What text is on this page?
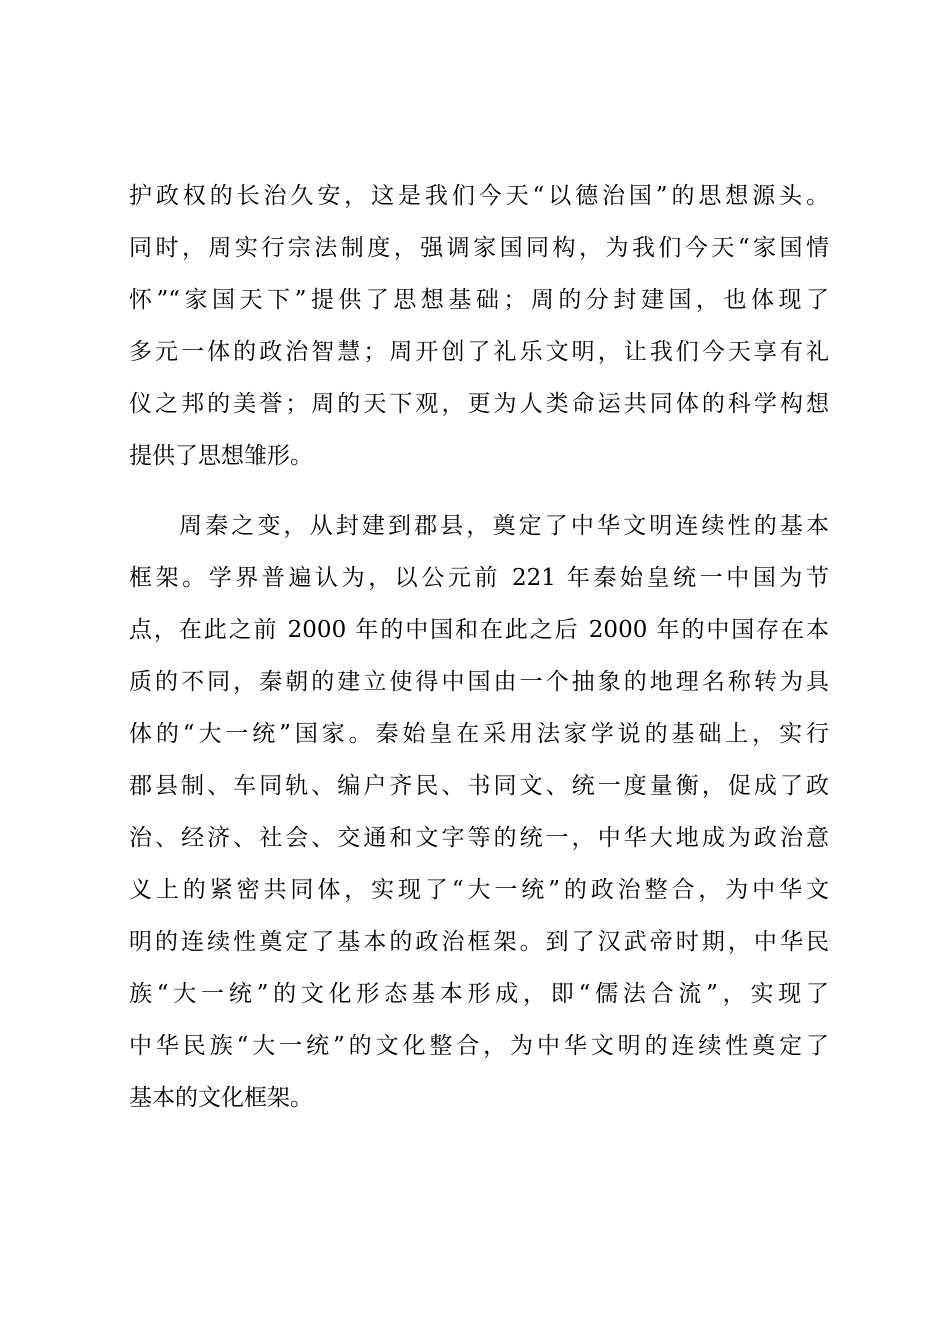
护政权的长治久安，这是我们今天“以德治国”的思想源头。
同时，周实行宗法制度，强调家国同构，为我们今天“家国情
怀”“家国天下”提供了思想基础；周的分封建国，也体现了
多元一体的政治智慧；周开创了礼乐文明，让我们今天享有礼
仪之邦的美誉；周的天下观，更为人类命运共同体的科学构想
提供了思想雏形。
周秦之变，从封建到郡县，奠定了中华文明连续性的基本
框架。学界普遍认为，以公元前 221 年秦始皇统一中国为节
点，在此之前 2000 年的中国和在此之后 2000 年的中国存在本
质的不同，秦朝的建立使得中国由一个抽象的地理名称转为具
体的“大一统”国家。秦始皇在采用法家学说的基础上，实行
郡县制、车同轨、编户齐民、书同文、统一度量衡，促成了政
治、经济、社会、交通和文字等的统一，中华大地成为政治意
义上的紧密共同体，实现了“大一统”的政治整合，为中华文
明的连续性奠定了基本的政治框架。到了汉武帝时期，中华民
族“大一统”的文化形态基本形成，即“儒法合流”，实现了
中华民族“大一统”的文化整合，为中华文明的连续性奠定了
基本的文化框架。
